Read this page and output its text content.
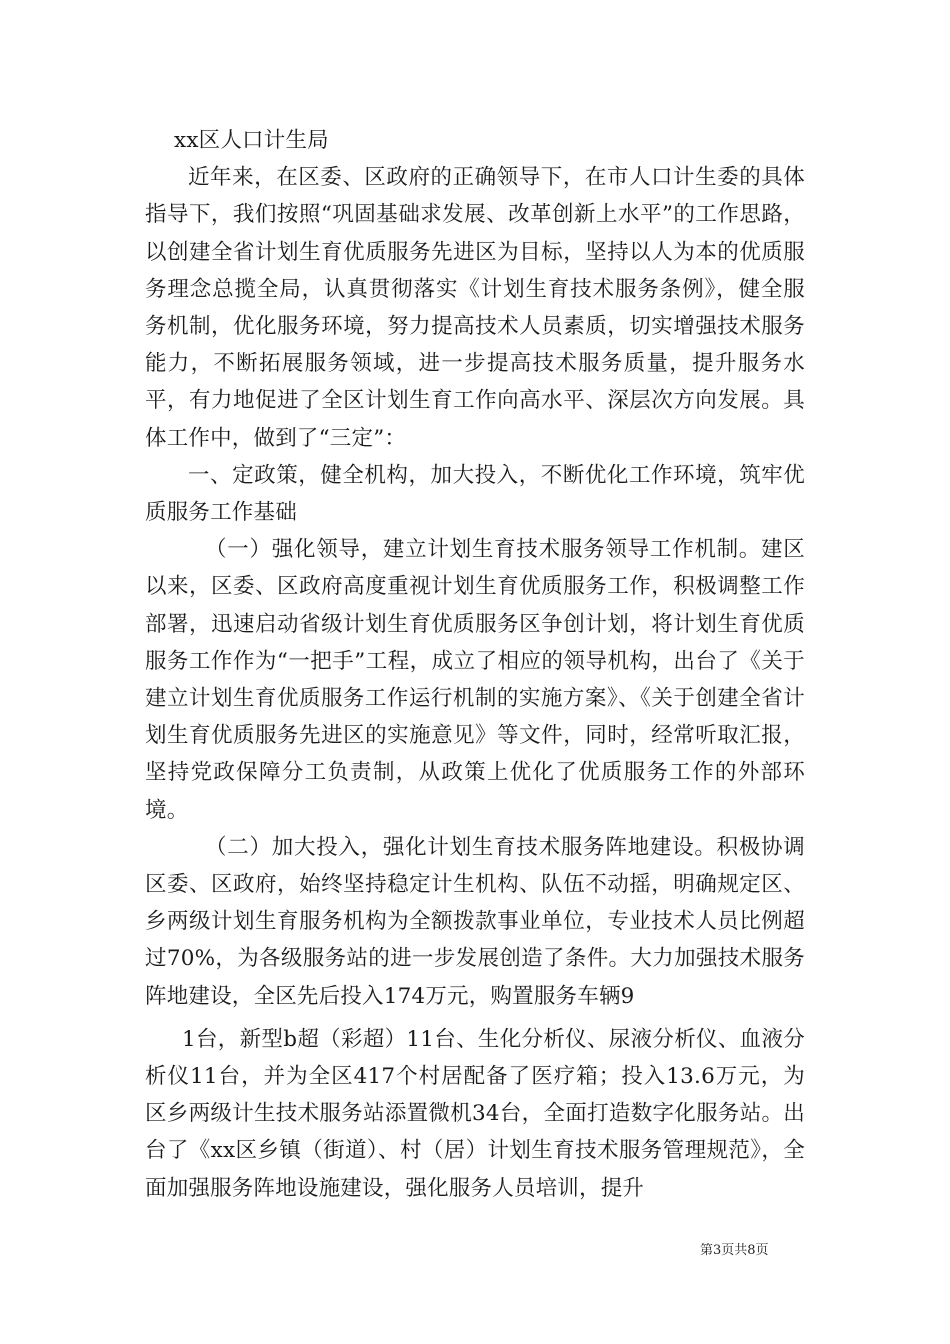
xx区人口计生局

近年来，在区委、区政府的正确领导下，在市人口计生委的具体指导下，我们按照“巩固基础求发展、改革创新上水平”的工作思路，以创建全省计划生育优质服务先进区为目标，坚持以人为本的优质服务理念总揽全局，认真贯彻落实《计划生育技术服务条例》，健全服务机制，优化服务环境，努力提高技术人员素质，切实增强技术服务能力，不断拓展服务领域，进一步提高技术服务质量，提升服务水平，有力地促进了全区计划生育工作向高水平、深层次方向发展。具体工作中，做到了“三定”：

一、定政策，健全机构，加大投入，不断优化工作环境，筑牢优质服务工作基础

（一）强化领导，建立计划生育技术服务领导工作机制。建区以来，区委、区政府高度重视计划生育优质服务工作，积极调整工作部署，迅速启动省级计划生育优质服务区争创计划，将计划生育优质服务工作作为“一把手”工程，成立了相应的领导机构，出台了《关于建立计划生育优质服务工作运行机制的实施方案》、《关于创建全省计划生育优质服务先进区的实施意见》等文件，同时，经常听取汇报，坚持党政保障分工负责制，从政策上优化了优质服务工作的外部环境。

（二）加大投入，强化计划生育技术服务阵地建设。积极协调区委、区政府，始终坚持稳定计生机构、队伍不动摇，明确规定区、乡两级计划生育服务机构为全额拨款事业单位，专业技术人员比例超过70%，为各级服务站的进一步发展创造了条件。大力加强技术服务阵地建设，全区先后投入174万元，购置服务车辆9

1台，新型b超（彩超）11台、生化分析仪、尿液分析仪、血液分析仪11台，并为全区417个村居配备了医疗箱；投入13.6万元，为区乡两级计生技术服务站添置微机34台，全面打造数字化服务站。出台了《xx区乡镇（街道）、村（居）计划生育技术服务管理规范》，全面加强服务阵地设施建设，强化服务人员培训，提升

第3页共8页
